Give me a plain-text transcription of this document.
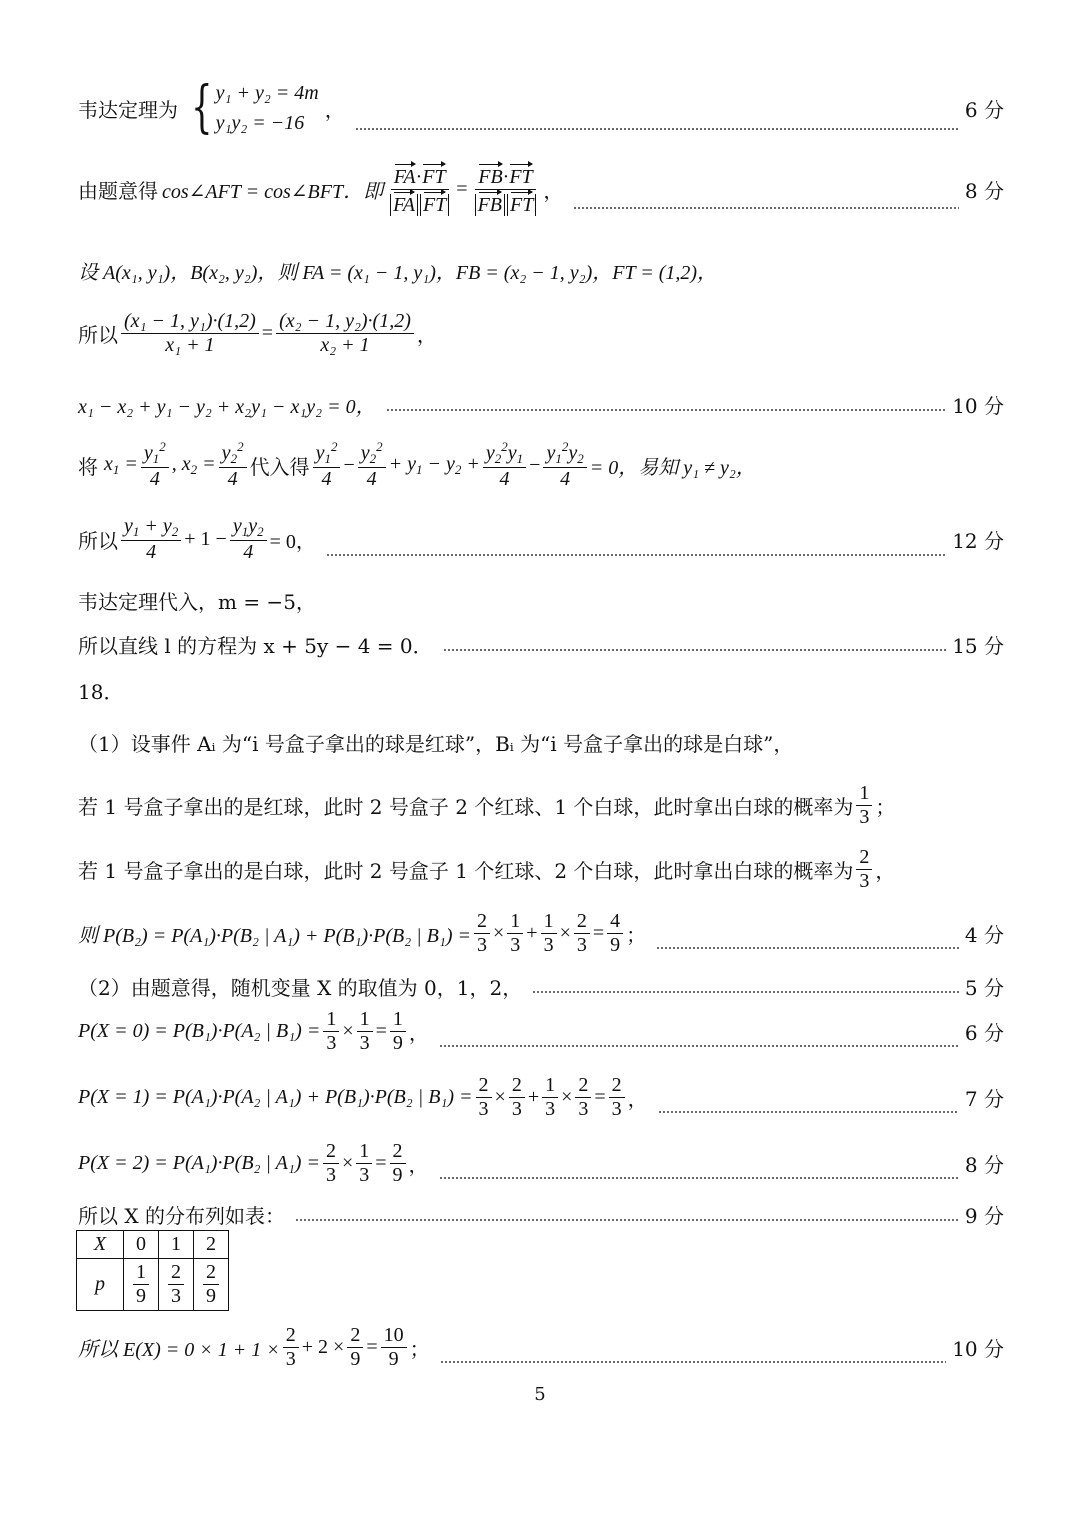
韦达定理为 { y₁ + y₂ = 4m
y₁y₂ = −16
，	6 分
由题意得 cos∠AFT = cos∠BFT．即 $\frac{FA\cdot FT}{\text{FA FT}} = \frac{FB\cdot FT}{\text{FB FT}}$ ，	8 分
设 A(x₁, y₁)，B(x₂, y₂)，则 FA = (x₁ − 1, y₁)，FB = (x₂ − 1, y₂)，FT = (1,2)，
所以 $\frac{\text{(x₁ − 1, y₁)·(1,2)}}{\text{x₁ + 1}} = \frac{\text{(x₂ − 1, y₂)·(1,2)}}{\text{x₂ + 1}}$ ，
x₁ − x₂ + y₁ − y₂ + x₂y₁ − x₁y₂ = 0，	10 分
将 $x_1 = \frac{y_1^2}{4}$ , $x_2 = \frac{y_2^2}{4}$ 代入得 $\frac{y_1^2}{4} - \frac{y_2^2}{4} + y_1 - y_2 + \frac{y_2^2y_1}{4} - \frac{y_1^2y_2}{4} = 0$，易知 y₁ ≠ y₂，
所以 $\frac{y_1 + y_2}{4} + 1 - \frac{y_1y_2}{4} = 0$，	12 分
韦达定理代入，m = −5，
所以直线 l 的方程为 x + 5y − 4 = 0．	15 分
18．
（1）设事件 Aᵢ 为“i 号盒子拿出的球是红球”，Bᵢ 为“i 号盒子拿出的球是白球”，
若 1 号盒子拿出的是红球，此时 2 号盒子 2 个红球、1 个白球，此时拿出白球的概率为 $\frac{1}{3}$ ；
若 1 号盒子拿出的是白球，此时 2 号盒子 1 个红球、2 个白球，此时拿出白球的概率为 $\frac{2}{3}$ ，
则 P(B₂) = P(A₁)·P(B₂ | A₁) + P(B₁)·P(B₂ | $B_1) = \frac{2}{3} \times \frac{1}{3} + \frac{1}{3} \times \frac{2}{3} = \frac{4}{9}$ ；	4 分
（2）由题意得，随机变量 X 的取值为 0，1，2，	5 分
P(X = 0) = P(B₁)·P(A₂ | $B_1) = \frac{1}{3} \times \frac{1}{3} = \frac{1}{9}$ ，	6 分
P(X = 1) = P(A₁)·P(A₂ | A₁) + P(B₁)·P(B₂ | $B_1) = \frac{2}{3} \times \frac{2}{3} + \frac{1}{3} \times \frac{2}{3} = \frac{2}{3}$ ，	7 分
P(X = 2) = P(A₁)·P(B₂ | $A_1) = \frac{2}{3} \times \frac{1}{3} = \frac{2}{9}$ ，	8 分
所以 X 的分布列如表：	9 分
X	0	1	2
p	$\frac{1}{9}$	$\frac{2}{3}$	$\frac{2}{9}$
所以 $E(X) = 0 \times 1 + 1 \times \frac{2}{3} + 2 \times \frac{2}{9} = \frac{10}{9}$ ；	10 分
5
